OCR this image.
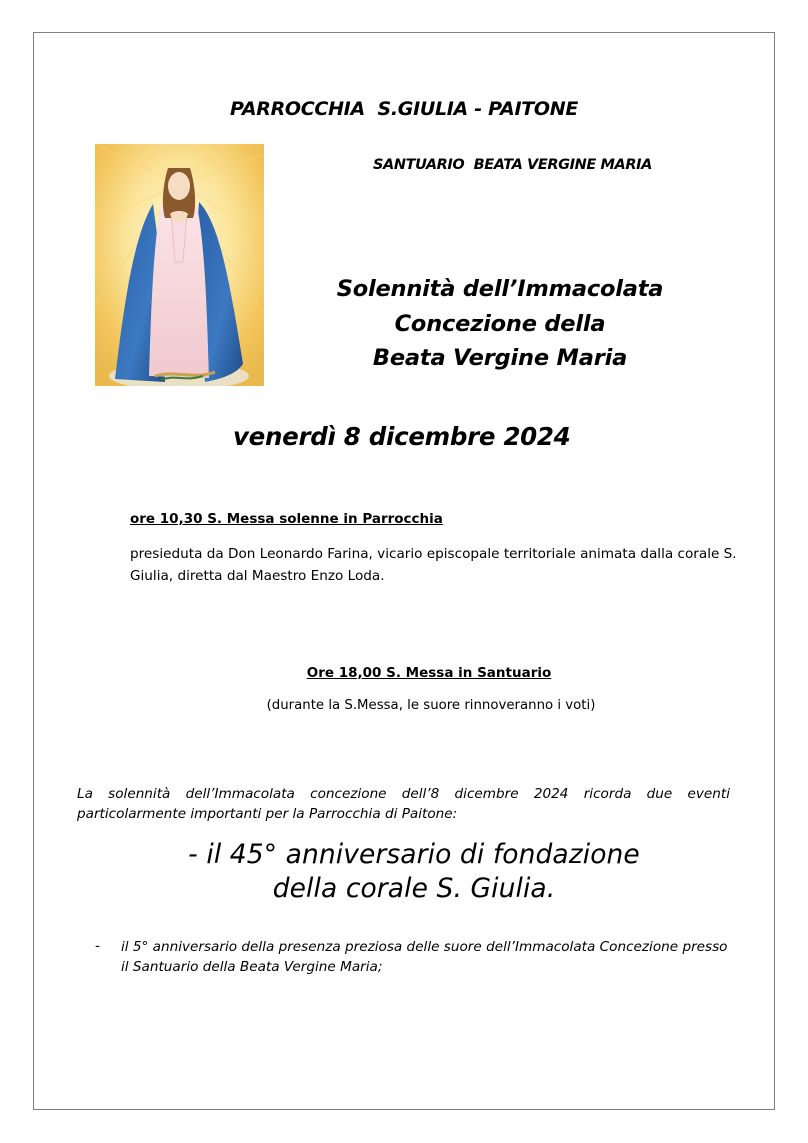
PARROCCHIA  S.GIULIA - PAITONE
SANTUARIO  BEATA VERGINE MARIA
Solennità dell’Immacolata
Concezione della
Beata Vergine Maria
venerdì 8 dicembre 2024
ore 10,30 S. Messa solenne in Parrocchia
presieduta da Don Leonardo Farina, vicario episcopale territoriale animata dalla corale S. Giulia, diretta dal Maestro Enzo Loda.
Ore 18,00 S. Messa in Santuario
(durante la S.Messa, le suore rinnoveranno i voti)
La solennità dell’Immacolata concezione dell’8 dicembre 2024 ricorda due eventi particolarmente importanti per la Parrocchia di Paitone:
- il 45° anniversario di fondazione
della corale S. Giulia.
- il 5° anniversario della presenza preziosa delle suore dell’Immacolata Concezione presso il Santuario della Beata Vergine Maria;
